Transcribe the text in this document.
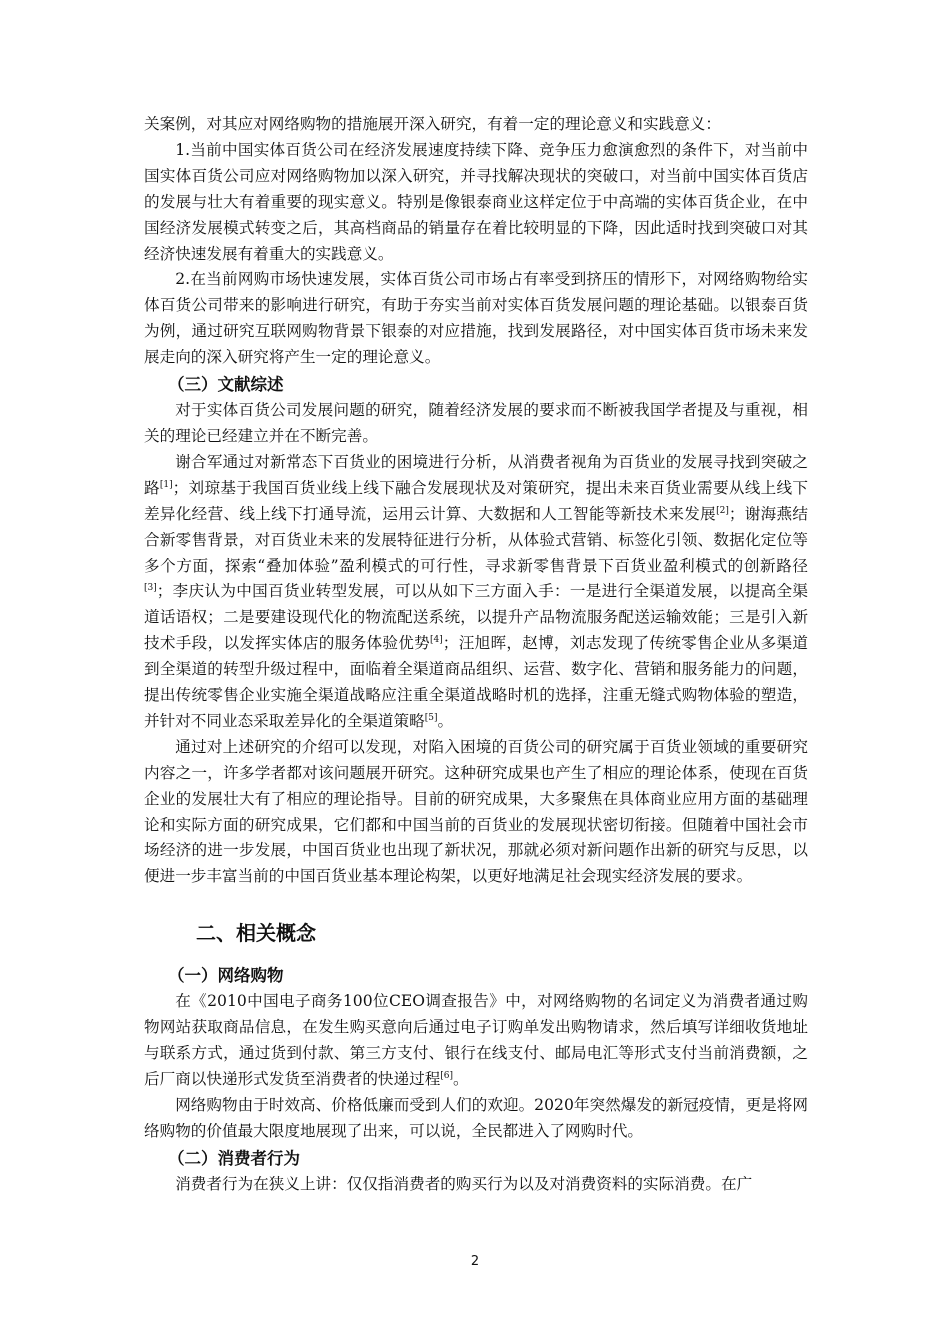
关案例，对其应对网络购物的措施展开深入研究，有着一定的理论意义和实践意义：

1.当前中国实体百货公司在经济发展速度持续下降、竞争压力愈演愈烈的条件下，对当前中国实体百货公司应对网络购物加以深入研究，并寻找解决现状的突破口，对当前中国实体百货店的发展与壮大有着重要的现实意义。特别是像银泰商业这样定位于中高端的实体百货企业，在中国经济发展模式转变之后，其高档商品的销量存在着比较明显的下降，因此适时找到突破口对其经济快速发展有着重大的实践意义。

2.在当前网购市场快速发展，实体百货公司市场占有率受到挤压的情形下，对网络购物给实体百货公司带来的影响进行研究，有助于夯实当前对实体百货发展问题的理论基础。以银泰百货为例，通过研究互联网购物背景下银泰的对应措施，找到发展路径，对中国实体百货市场未来发展走向的深入研究将产生一定的理论意义。

（三）文献综述

对于实体百货公司发展问题的研究，随着经济发展的要求而不断被我国学者提及与重视，相关的理论已经建立并在不断完善。

谢合军通过对新常态下百货业的困境进行分析，从消费者视角为百货业的发展寻找到突破之路[1]；刘琼基于我国百货业线上线下融合发展现状及对策研究，提出未来百货业需要从线上线下差异化经营、线上线下打通导流，运用云计算、大数据和人工智能等新技术来发展[2]；谢海燕结合新零售背景，对百货业未来的发展特征进行分析，从体验式营销、标签化引领、数据化定位等多个方面，探索“叠加体验”盈利模式的可行性，寻求新零售背景下百货业盈利模式的创新路径[3]；李庆认为中国百货业转型发展，可以从如下三方面入手：一是进行全渠道发展，以提高全渠道话语权；二是要建设现代化的物流配送系统，以提升产品物流服务配送运输效能；三是引入新技术手段，以发挥实体店的服务体验优势[4]；汪旭晖，赵博，刘志发现了传统零售企业从多渠道到全渠道的转型升级过程中，面临着全渠道商品组织、运营、数字化、营销和服务能力的问题，提出传统零售企业实施全渠道战略应注重全渠道战略时机的选择，注重无缝式购物体验的塑造，并针对不同业态采取差异化的全渠道策略[5]。

通过对上述研究的介绍可以发现，对陷入困境的百货公司的研究属于百货业领域的重要研究内容之一，许多学者都对该问题展开研究。这种研究成果也产生了相应的理论体系，使现在百货企业的发展壮大有了相应的理论指导。目前的研究成果，大多聚焦在具体商业应用方面的基础理论和实际方面的研究成果，它们都和中国当前的百货业的发展现状密切衔接。但随着中国社会市场经济的进一步发展，中国百货业也出现了新状况，那就必须对新问题作出新的研究与反思，以便进一步丰富当前的中国百货业基本理论构架，以更好地满足社会现实经济发展的要求。

二、相关概念
（一）网络购物

在《2010中国电子商务100位CEO调查报告》中，对网络购物的名词定义为消费者通过购物网站获取商品信息，在发生购买意向后通过电子订购单发出购物请求，然后填写详细收货地址与联系方式，通过货到付款、第三方支付、银行在线支付、邮局电汇等形式支付当前消费额，之后厂商以快递形式发货至消费者的快递过程[6]。

网络购物由于时效高、价格低廉而受到人们的欢迎。2020年突然爆发的新冠疫情，更是将网络购物的价值最大限度地展现了出来，可以说，全民都进入了网购时代。

（二）消费者行为

消费者行为在狭义上讲：仅仅指消费者的购买行为以及对消费资料的实际消费。在广

2
